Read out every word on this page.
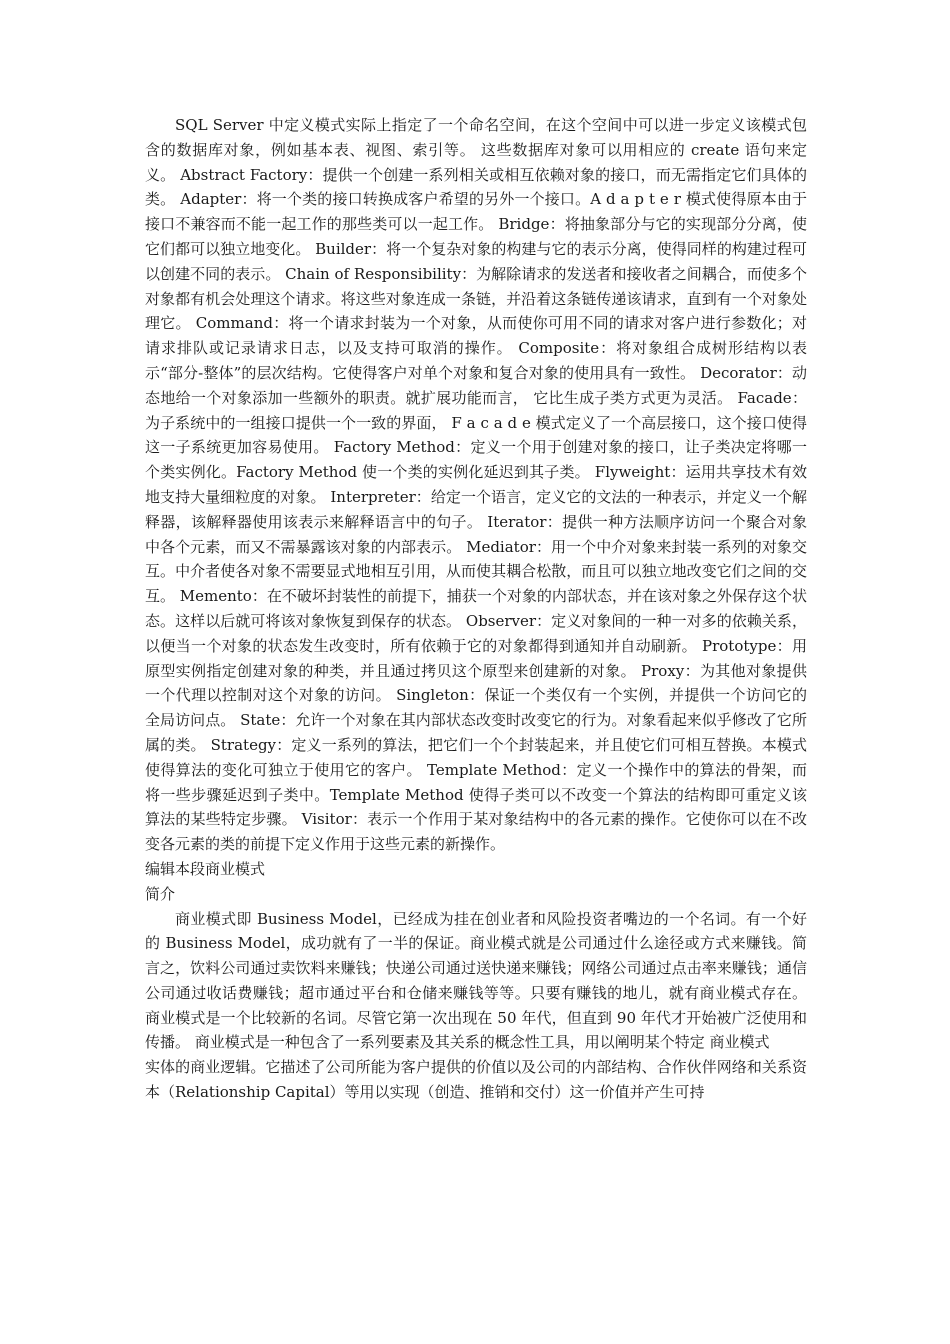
SQL Server 中定义模式实际上指定了一个命名空间，在这个空间中可以进一步定义该模式包含的数据库对象，例如基本表、视图、索引等。 这些数据库对象可以用相应的 create 语句来定义。 Abstract Factory：提供一个创建一系列相关或相互依赖对象的接口，而无需指定它们具体的类。 Adapter：将一个类的接口转换成客户希望的另外一个接口。A d a p t e r 模式使得原本由于接口不兼容而不能一起工作的那些类可以一起工作。 Bridge：将抽象部分与它的实现部分分离，使它们都可以独立地变化。 Builder：将一个复杂对象的构建与它的表示分离，使得同样的构建过程可以创建不同的表示。 Chain of Responsibility：为解除请求的发送者和接收者之间耦合，而使多个对象都有机会处理这个请求。将这些对象连成一条链，并沿着这条链传递该请求，直到有一个对象处理它。 Command：将一个请求封装为一个对象，从而使你可用不同的请求对客户进行参数化；对请求排队或记录请求日志，以及支持可取消的操作。 Composite：将对象组合成树形结构以表示“部分-整体”的层次结构。它使得客户对单个对象和复合对象的使用具有一致性。 Decorator：动态地给一个对象添加一些额外的职责。就扩展功能而言， 它比生成子类方式更为灵活。 Facade：为子系统中的一组接口提供一个一致的界面， F a c a d e 模式定义了一个高层接口，这个接口使得这一子系统更加容易使用。 Factory Method：定义一个用于创建对象的接口，让子类决定将哪一个类实例化。Factory Method 使一个类的实例化延迟到其子类。 Flyweight：运用共享技术有效地支持大量细粒度的对象。 Interpreter：给定一个语言，定义它的文法的一种表示，并定义一个解释器，该解释器使用该表示来解释语言中的句子。 Iterator：提供一种方法顺序访问一个聚合对象中各个元素，而又不需暴露该对象的内部表示。 Mediator：用一个中介对象来封装一系列的对象交互。中介者使各对象不需要显式地相互引用，从而使其耦合松散，而且可以独立地改变它们之间的交互。 Memento：在不破坏封装性的前提下，捕获一个对象的内部状态，并在该对象之外保存这个状态。这样以后就可将该对象恢复到保存的状态。 Observer：定义对象间的一种一对多的依赖关系，以便当一个对象的状态发生改变时，所有依赖于它的对象都得到通知并自动刷新。 Prototype：用原型实例指定创建对象的种类，并且通过拷贝这个原型来创建新的对象。 Proxy：为其他对象提供一个代理以控制对这个对象的访问。 Singleton：保证一个类仅有一个实例，并提供一个访问它的全局访问点。 State：允许一个对象在其内部状态改变时改变它的行为。对象看起来似乎修改了它所属的类。 Strategy：定义一系列的算法，把它们一个个封装起来，并且使它们可相互替换。本模式使得算法的变化可独立于使用它的客户。 Template Method：定义一个操作中的算法的骨架，而将一些步骤延迟到子类中。Template Method 使得子类可以不改变一个算法的结构即可重定义该算法的某些特定步骤。 Visitor：表示一个作用于某对象结构中的各元素的操作。它使你可以在不改变各元素的类的前提下定义作用于这些元素的新操作。

编辑本段商业模式

简介

商业模式即 Business Model，已经成为挂在创业者和风险投资者嘴边的一个名词。有一个好的 Business Model，成功就有了一半的保证。商业模式就是公司通过什么途径或方式来赚钱。简言之，饮料公司通过卖饮料来赚钱；快递公司通过送快递来赚钱；网络公司通过点击率来赚钱；通信公司通过收话费赚钱；超市通过平台和仓储来赚钱等等。只要有赚钱的地儿，就有商业模式存在。 商业模式是一个比较新的名词。尽管它第一次出现在 50 年代，但直到 90 年代才开始被广泛使用和传播。 商业模式是一种包含了一系列要素及其关系的概念性工具，用以阐明某个特定 商业模式

实体的商业逻辑。它描述了公司所能为客户提供的价值以及公司的内部结构、合作伙伴网络和关系资本（Relationship Capital）等用以实现（创造、推销和交付）这一价值并产生可持
